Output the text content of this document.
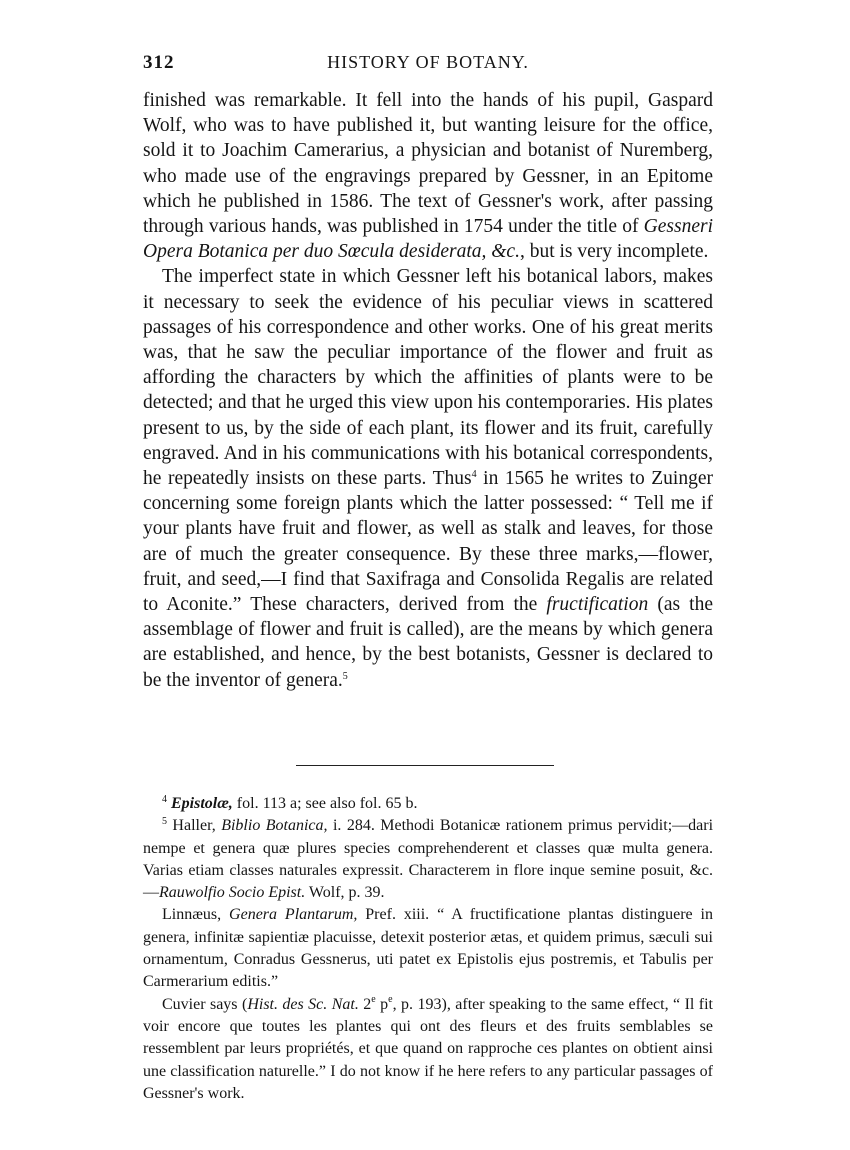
312	HISTORY OF BOTANY.

finished was remarkable. It fell into the hands of his pupil, Gaspard Wolf, who was to have published it, but wanting leisure for the office, sold it to Joachim Camerarius, a physician and botanist of Nuremberg, who made use of the engravings prepared by Gessner, in an Epitome which he published in 1586. The text of Gessner's work, after passing through various hands, was published in 1754 under the title of Gessneri Opera Botanica per duo Sœcula desiderata, &c., but is very incomplete.

The imperfect state in which Gessner left his botanical labors, makes it necessary to seek the evidence of his peculiar views in scattered passages of his correspondence and other works. One of his great merits was, that he saw the peculiar importance of the flower and fruit as affording the characters by which the affinities of plants were to be detected; and that he urged this view upon his contemporaries. His plates present to us, by the side of each plant, its flower and its fruit, carefully engraved. And in his communications with his botanical correspondents, he repeatedly insists on these parts. Thus$^4$ in 1565 he writes to Zuinger concerning some foreign plants which the latter possessed: “ Tell me if your plants have fruit and flower, as well as stalk and leaves, for those are of much the greater consequence. By these three marks,—flower, fruit, and seed,—I find that Saxifraga and Consolida Regalis are related to Aconite.” These characters, derived from the fructification (as the assemblage of flower and fruit is called), are the means by which genera are established, and hence, by the best botanists, Gessner is declared to be the inventor of genera.$^5$

$^4$ Epistolæ, fol. 113 a; see also fol. 65 b.

$^5$ Haller, Biblio Botanica, i. 284. Methodi Botanicæ rationem primus pervidit;—dari nempe et genera quæ plures species comprehenderent et classes quæ multa genera. Varias etiam classes naturales expressit. Characterem in flore inque semine posuit, &c.—Rauwolfio Socio Epist. Wolf, p. 39.

Linnæus, Genera Plantarum, Pref. xiii. “ A fructificatione plantas distinguere in genera, infinitæ sapientiæ placuisse, detexit posterior ætas, et quidem primus, sæculi sui ornamentum, Conradus Gessnerus, uti patet ex Epistolis ejus postremis, et Tabulis per Carmerarium editis.”

Cuvier says (Hist. des Sc. Nat. 2e $p^e$, p. 193), after speaking to the same effect, “ Il fit voir encore que toutes les plantes qui ont des fleurs et des fruits semblables se ressemblent par leurs propriétés, et que quand on rapproche ces plantes on obtient ainsi une classification naturelle.” I do not know if he here refers to any particular passages of Gessner's work.
